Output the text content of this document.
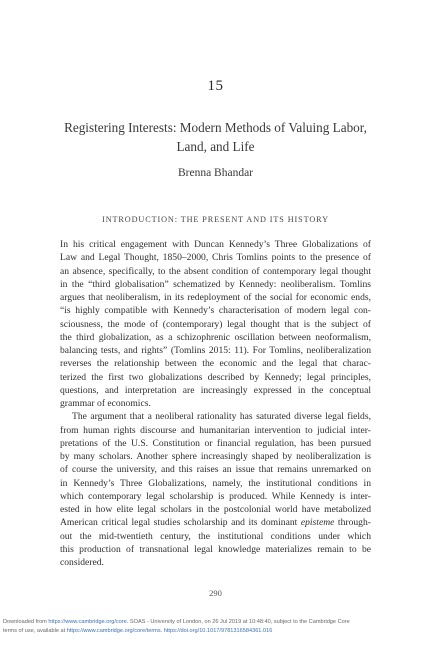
15
Registering Interests: Modern Methods of Valuing Labor,
Land, and Life
Brenna Bhandar
INTRODUCTION: THE PRESENT AND ITS HISTORY
In his critical engagement with Duncan Kennedy’s Three Globalizations of
Law and Legal Thought, 1850–2000, Chris Tomlins points to the presence of
an absence, specifically, to the absent condition of contemporary legal thought
in the “third globalisation” schematized by Kennedy: neoliberalism. Tomlins
argues that neoliberalism, in its redeployment of the social for economic ends,
“is highly compatible with Kennedy’s characterisation of modern legal con-
sciousness, the mode of (contemporary) legal thought that is the subject of
the third globalization, as a schizophrenic oscillation between neoformalism,
balancing tests, and rights” (Tomlins 2015: 11). For Tomlins, neoliberalization
reverses the relationship between the economic and the legal that charac-
terized the first two globalizations described by Kennedy; legal principles,
questions, and interpretation are increasingly expressed in the conceptual
grammar of economics.
The argument that a neoliberal rationality has saturated diverse legal fields,
from human rights discourse and humanitarian intervention to judicial inter-
pretations of the U.S. Constitution or financial regulation, has been pursued
by many scholars. Another sphere increasingly shaped by neoliberalization is
of course the university, and this raises an issue that remains unremarked on
in Kennedy’s Three Globalizations, namely, the institutional conditions in
which contemporary legal scholarship is produced. While Kennedy is inter-
ested in how elite legal scholars in the postcolonial world have metabolized
American critical legal studies scholarship and its dominant episteme through-
out the mid-twentieth century, the institutional conditions under which
this production of transnational legal knowledge materializes remain to be
considered.
290
Downloaded from https://www.cambridge.org/core. SOAS - University of London, on 26 Jul 2019 at 10:48:40, subject to the Cambridge Core
terms of use, available at https://www.cambridge.org/core/terms. https://doi.org/10.1017/9781316584361.016
